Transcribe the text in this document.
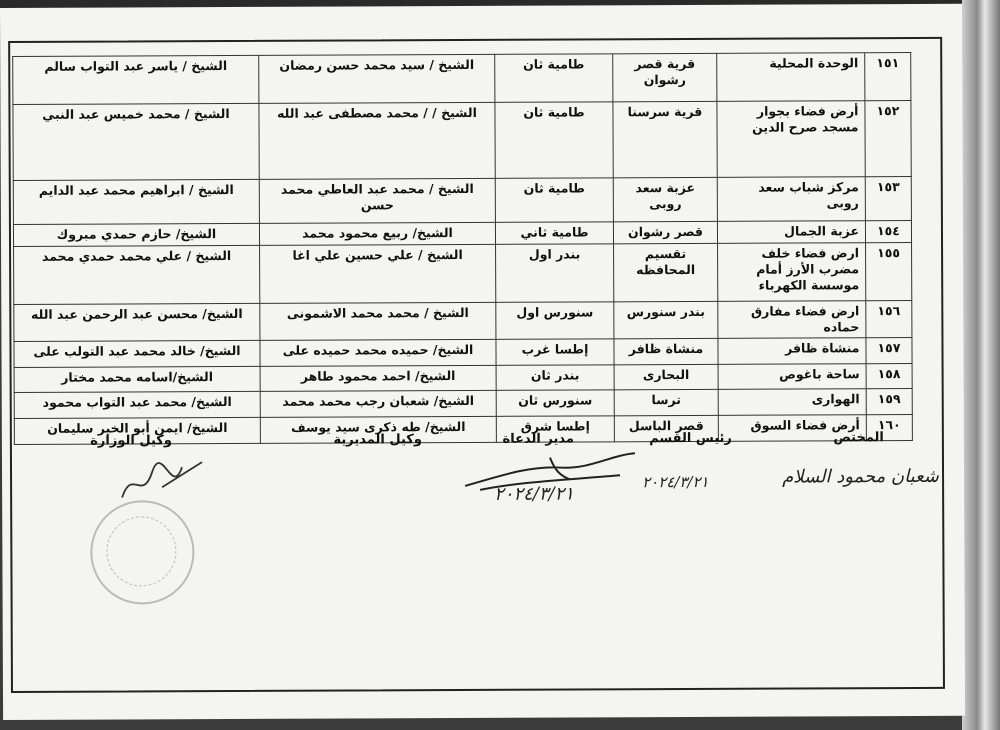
١٥١	الوحدة المحلية	قرية قصر رشوان	طامية ثان	الشيخ / سيد محمد حسن رمضان	الشيخ / ياسر عبد التواب سالم
١٥٢	أرض فضاء بجوار مسجد صرح الدين	قرية سرسنا	طامية ثان	الشيخ / / محمد مصطفى عبد الله	الشيخ / محمد خميس عبد النبي
١٥٣	مركز شباب سعد روبى	عزبة سعد روبى	طامية ثان	الشيخ / محمد عبد العاطي محمد حسن	الشيخ / ابراهيم محمد عبد الدايم
١٥٤	عزبة الجمال	قصر رشوان	طامية ثاني	الشيخ/ ربيع محمود محمد	الشيخ/ حازم حمدي مبروك
١٥٥	ارض فضاء خلف مضرب الأرز أمام موسسة الكهرباء	تقسيم المحافظه	بندر اول	الشيخ / علي حسين علي اغا	الشيخ / علي محمد حمدي محمد
١٥٦	ارض فضاء مفارق حماده	بندر سنورس	سنورس اول	الشيخ / محمد محمد الاشمونى	الشيخ/ محسن عبد الرحمن عبد الله
١٥٧	منشاة ظافر	منشاة ظافر	إطسا غرب	الشيخ/ حميده محمد حميده على	الشيخ/ خالد محمد عبد التولب على
١٥٨	ساحة باغوص	البحارى	بندر ثان	الشيخ/ احمد محمود طاهر	الشيخ/اسامه محمد مختار
١٥٩	الهوارى	ترسا	سنورس ثان	الشيخ/ شعبان رجب محمد محمد	الشيخ/ محمد عبد التواب محمود
١٦٠	أرض فضاء السوق	قصر الباسل	إطسا شرق	الشيخ/ طه ذكرى سيد يوسف	الشيخ/ ايمن أبو الخير سليمان
المختص
رئيس القسم
مدير الدعاة
وكيل المديرية
وكيل الوزارة
شعبان محمود السلام
٢٠٢٤/٣/٢١
٢٠٢٤/٣/٢١
